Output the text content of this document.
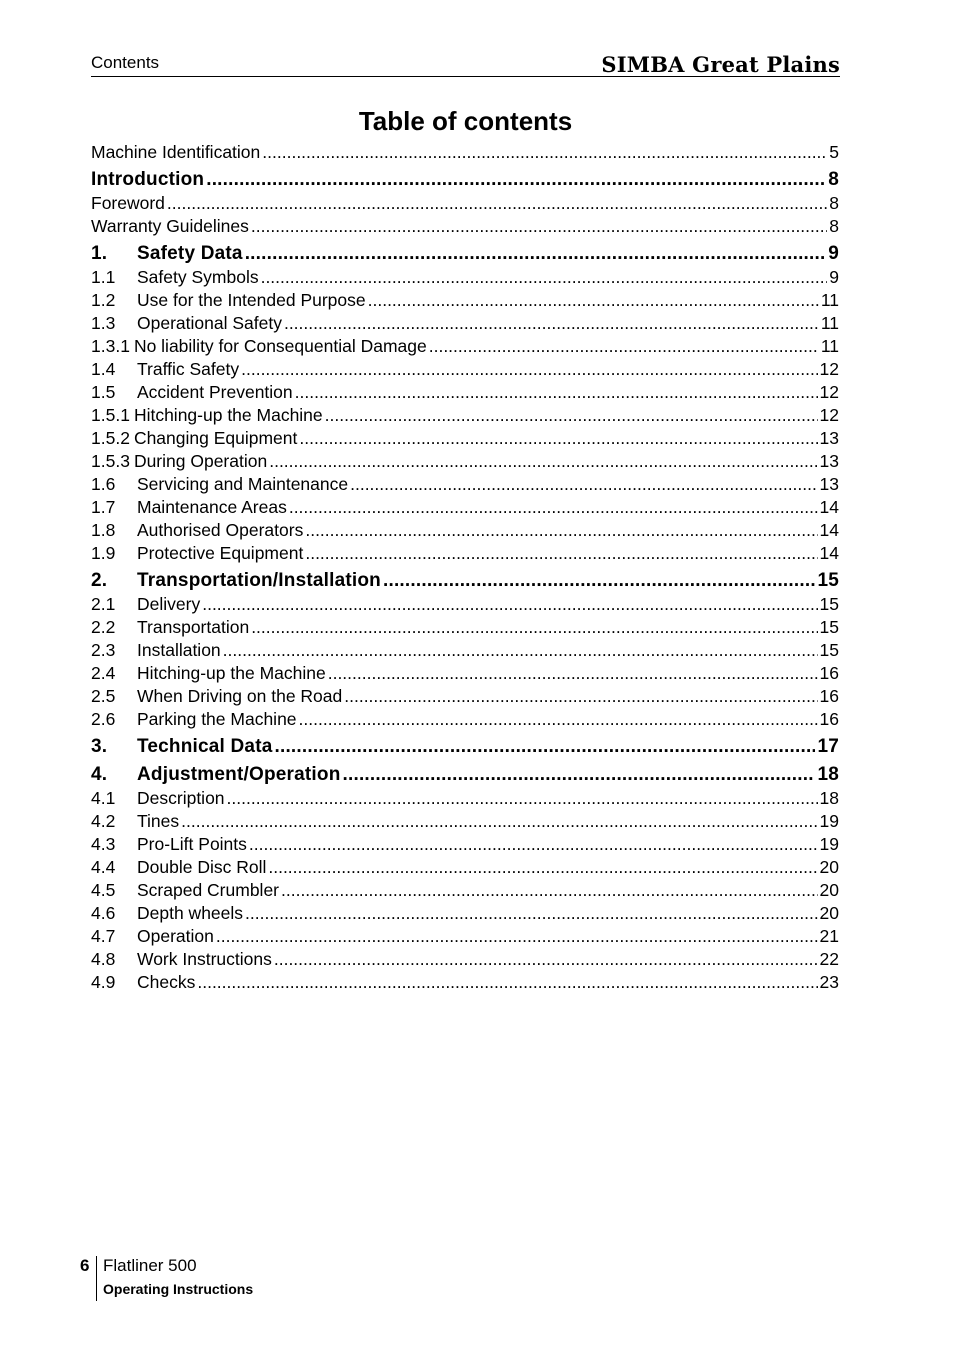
Contents	SIMBA Great Plains
Table of contents
Machine Identification .....	5
Introduction .....	8
Foreword .....	8
Warranty Guidelines .....	8
1.	Safety Data .....	9
1.1	Safety Symbols .....	9
1.2	Use for the Intended Purpose .....	11
1.3	Operational Safety .....	11
1.3.1 No liability for Consequential Damage .....	11
1.4	Traffic Safety .....	12
1.5	Accident Prevention .....	12
1.5.1 Hitching-up the Machine .....	12
1.5.2 Changing Equipment .....	13
1.5.3 During Operation .....	13
1.6	Servicing and Maintenance .....	13
1.7	Maintenance Areas .....	14
1.8	Authorised Operators .....	14
1.9	Protective Equipment .....	14
2.	Transportation/Installation .....	15
2.1	Delivery .....	15
2.2	Transportation .....	15
2.3	Installation .....	15
2.4	Hitching-up the Machine .....	16
2.5	When Driving on the Road .....	16
2.6	Parking the Machine .....	16
3.	Technical Data .....	17
4.	Adjustment/Operation .....	18
4.1	Description .....	18
4.2	Tines .....	19
4.3	Pro-Lift Points .....	19
4.4	Double Disc Roll .....	20
4.5	Scraped Crumbler .....	20
4.6	Depth wheels .....	20
4.7	Operation .....	21
4.8	Work Instructions .....	22
4.9	Checks .....	23
6 Flatliner 500
Operating Instructions
